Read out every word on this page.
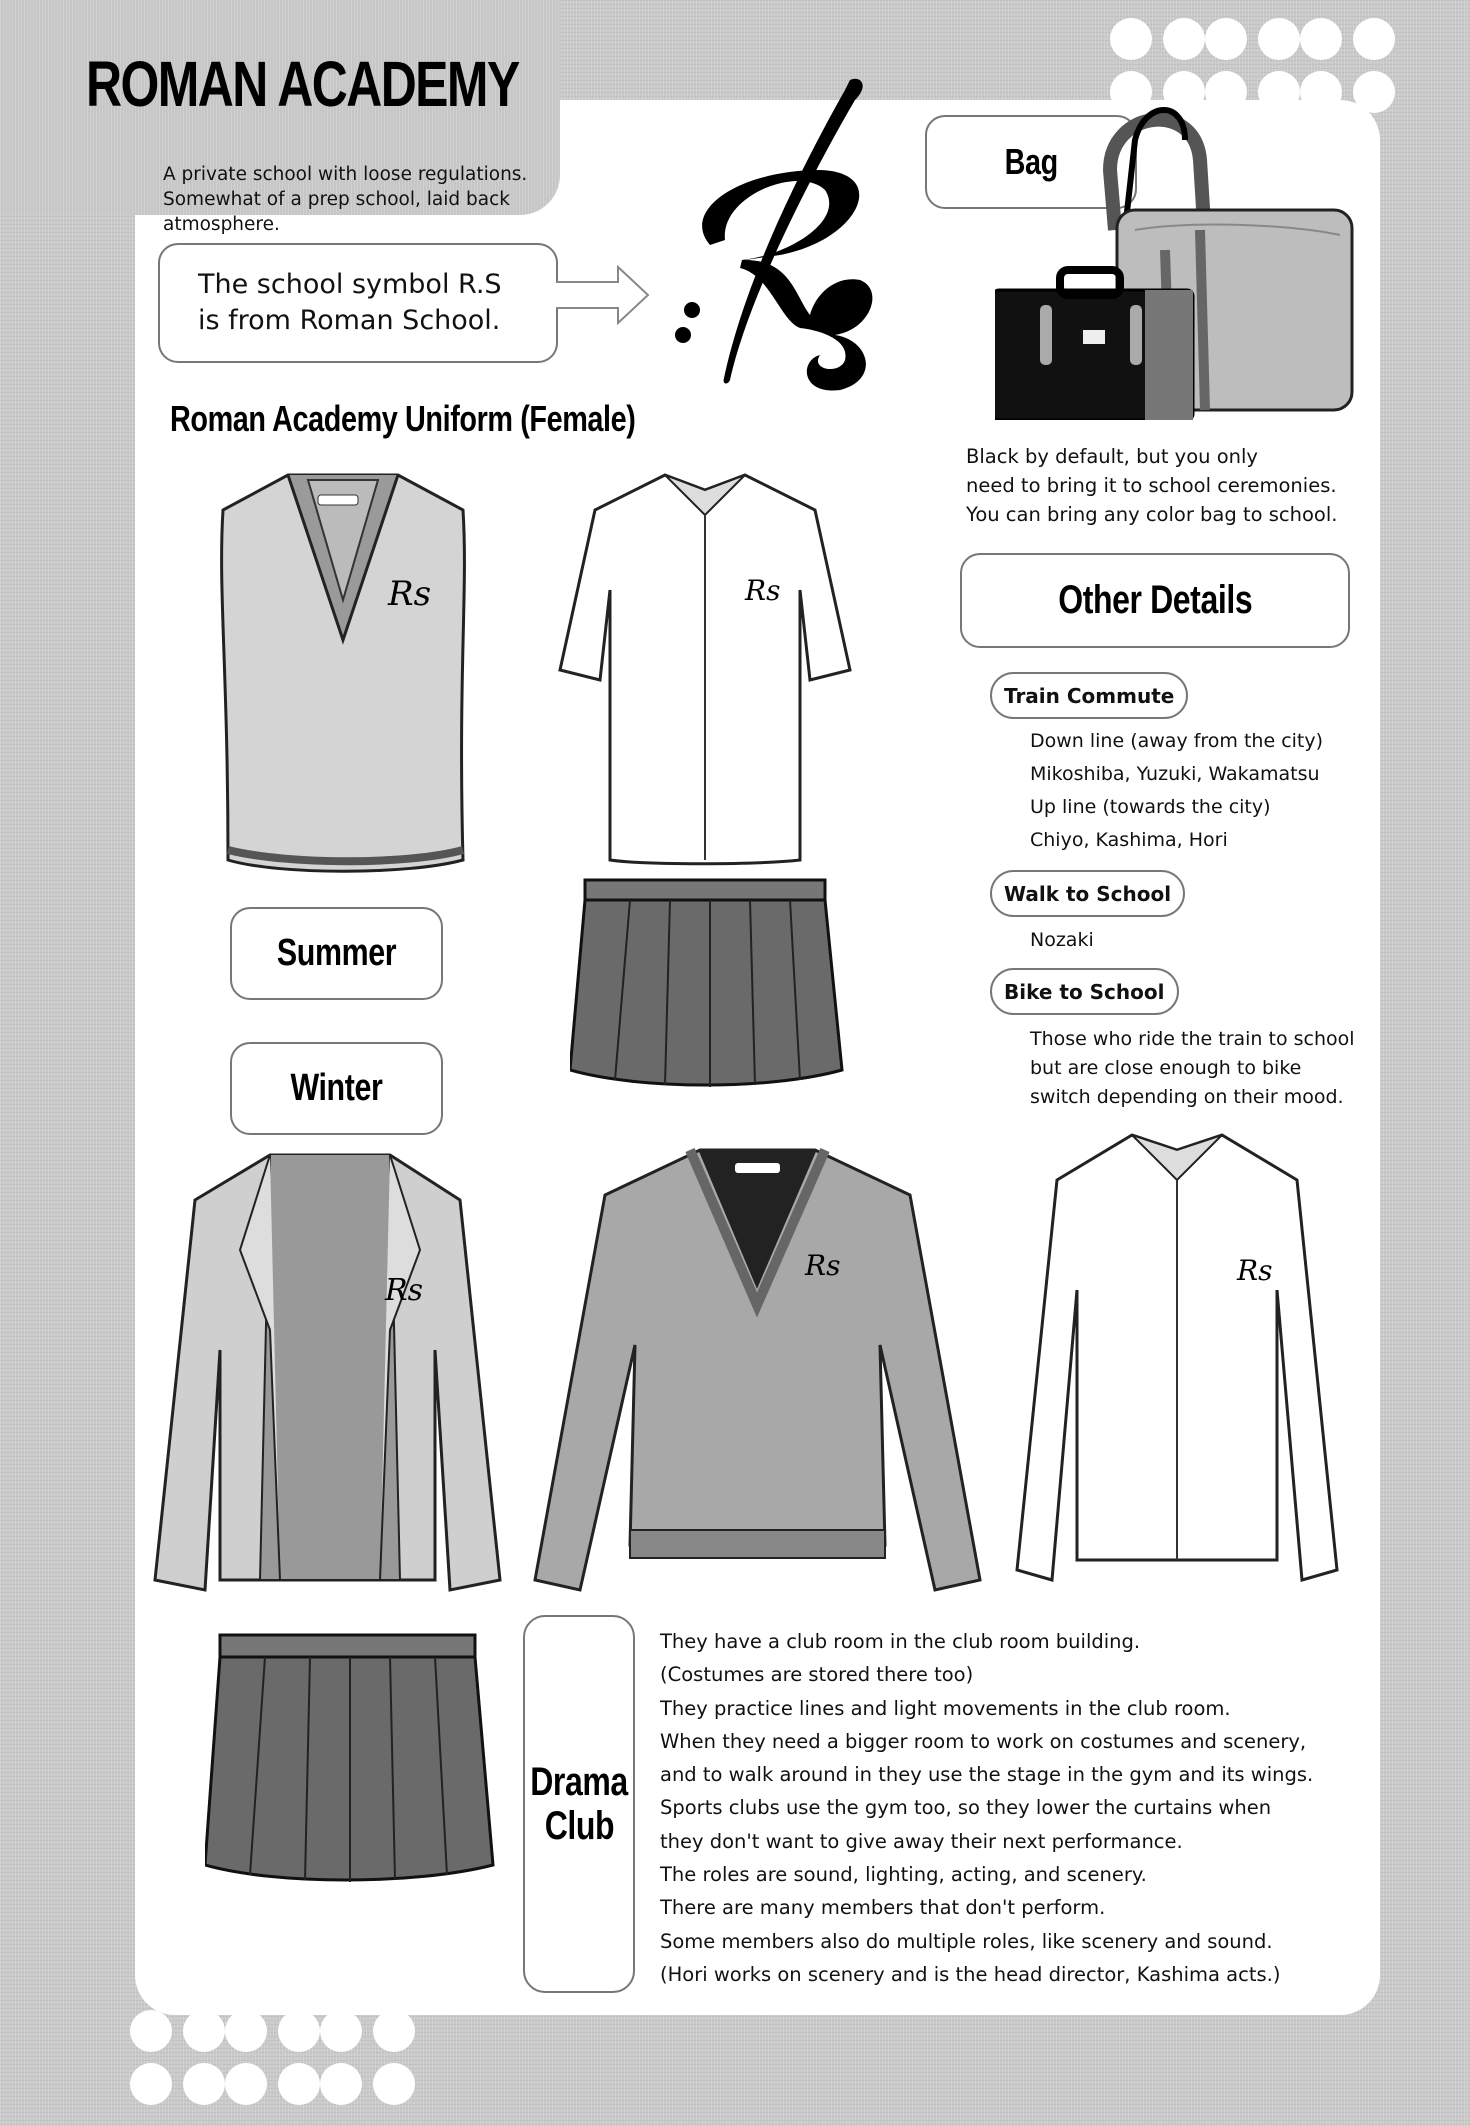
ROMAN ACADEMY
A private school with loose regulations.
Somewhat of a prep school, laid back
atmosphere.
The school symbol R.S
is from Roman School.
Bag
Black by default, but you only
need to bring it to school ceremonies.
You can bring any color bag to school.
Roman Academy Uniform (Female)
Rs	Rs
Summer
Winter
Rs
Rs	Rs
Other Details
Train Commute
Down line (away from the city)
Mikoshiba, Yuzuki, Wakamatsu
Up line (towards the city)
Chiyo, Kashima, Hori
Walk to School
Nozaki
Bike to School
Those who ride the train to school
but are close enough to bike
switch depending on their mood.
Drama
Club
They have a club room in the club room building.
(Costumes are stored there too)
They practice lines and light movements in the club room.
When they need a bigger room to work on costumes and scenery,
and to walk around in they use the stage in the gym and its wings.
Sports clubs use the gym too, so they lower the curtains when
they don't want to give away their next performance.
The roles are sound, lighting, acting, and scenery.
There are many members that don't perform.
Some members also do multiple roles, like scenery and sound.
(Hori works on scenery and is the head director, Kashima acts.)
